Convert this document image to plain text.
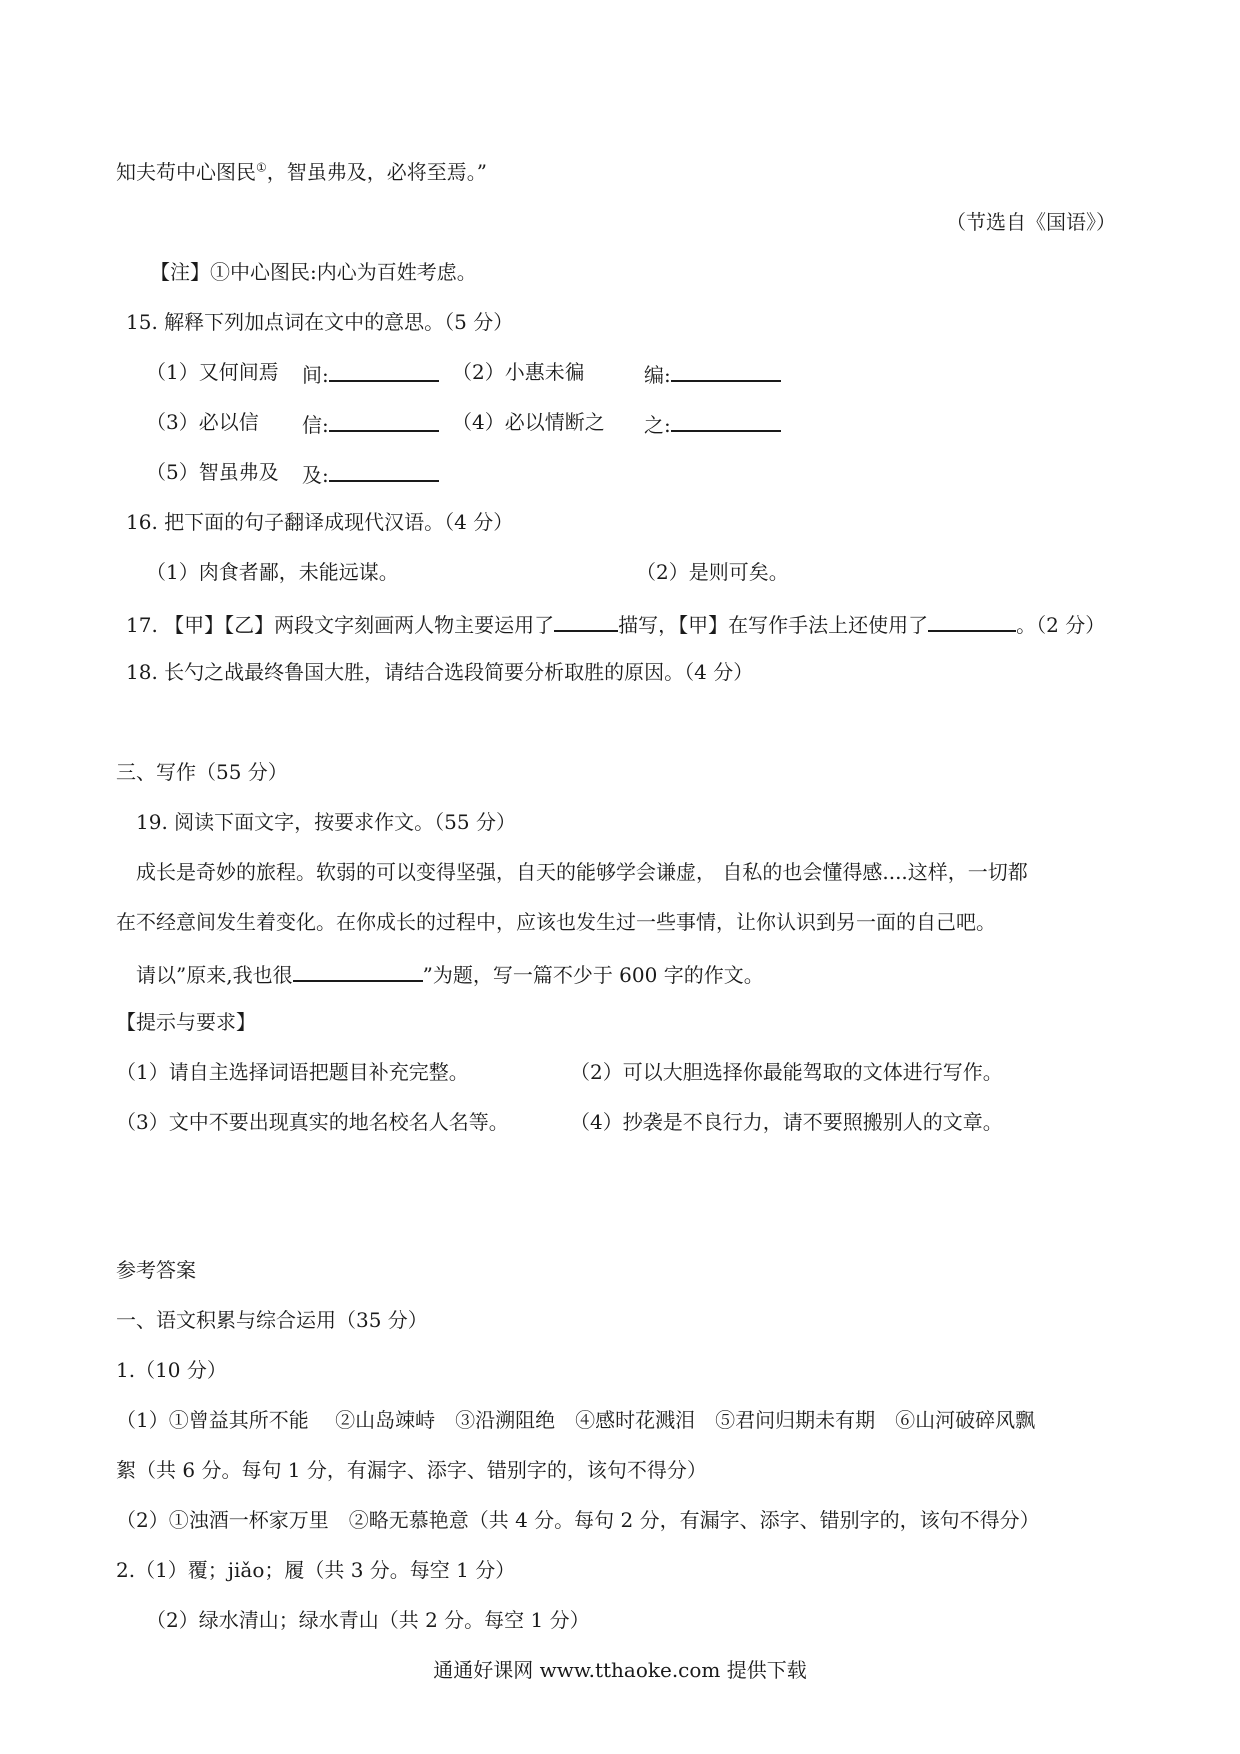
知夫苟中心图民①，智虽弗及，必将至焉。”
（节选自《国语》）
【注】①中心图民:内心为百姓考虑。
15. 解释下列加点词在文中的意思。（5 分）
（1）又何间焉 间:	（2）小惠未徧	编:
（3）必以信 信:	（4）必以情断之 之:
（5）智虽弗及 及:
16. 把下面的句子翻译成现代汉语。（4 分）
（1）肉食者鄙，未能远谋。	（2）是则可矣。
17. 【甲】【乙】两段文字刻画两人物主要运用了	描写，【甲】在写作手法上还使用了	。（2 分）
18. 长勺之战最终鲁国大胜，请结合选段简要分析取胜的原因。（4 分）
三、写作（55 分）
19. 阅读下面文字，按要求作文。（55 分）
成长是奇妙的旅程。软弱的可以变得坚强，自天的能够学会谦虚， 自私的也会懂得感....这样，一切都
在不经意间发生着变化。在你成长的过程中，应该也发生过一些事情，让你认识到另一面的自己吧。
请以”原来,我也很	”为题，写一篇不少于 600 字的作文。
【提示与要求】
（1）请自主选择词语把题目补充完整。	（2）可以大胆选择你最能驾取的文体进行写作。
（3）文中不要出现真实的地名校名人名等。	（4）抄袭是不良行力，请不要照搬别人的文章。
参考答案
一、语文积累与综合运用（35 分）
1.（10 分）
（1）①曾益其所不能　 ②山岛竦峙　③沿溯阻绝　④感时花溅泪　⑤君问归期未有期　⑥山河破碎风飘
絮（共 6 分。每句 1 分，有漏字、添字、错别字的，该句不得分）
（2）①浊酒一杯家万里　②略无慕艳意（共 4 分。每句 2 分，有漏字、添字、错别字的，该句不得分）
2.（1）覆；jiǎo；履（共 3 分。每空 1 分）
（2）绿水清山；绿水青山（共 2 分。每空 1 分）
通通好课网 www.tthaoke.com 提供下载
